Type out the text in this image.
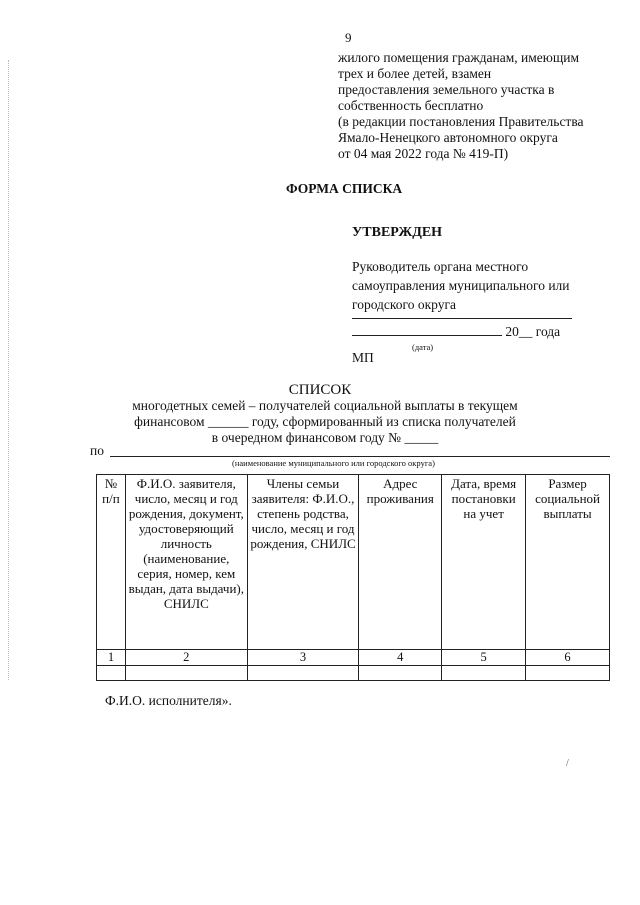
9
жилого помещения гражданам, имеющим
трех и более детей, взамен
предоставления земельного участка в
собственность бесплатно
(в редакции постановления Правительства
Ямало-Ненецкого автономного округа
от 04 мая 2022 года № 419-П)
ФОРМА СПИСКА
УТВЕРЖДЕН
Руководитель органа местного
самоуправления муниципального или
городского округа
20__ года
(дата)
МП
СПИСОК
многодетных семей – получателей социальной выплаты в текущем
финансовом ______ году, сформированный из списка получателей
в очередном финансовом году № _____
по
(наименование муниципального или городского округа)
№ п/п	Ф.И.О. заявителя, число, месяц и год рождения, документ, удостоверяющий личность (наименование, серия, номер, кем выдан, дата выдачи), СНИЛС	Члены семьи заявителя: Ф.И.О., степень родства, число, месяц и год рождения, СНИЛС	Адрес проживания	Дата, время постановки на учет	Размер социальной выплаты
1	2	3	4	5	6

Ф.И.О. исполнителя».
/
